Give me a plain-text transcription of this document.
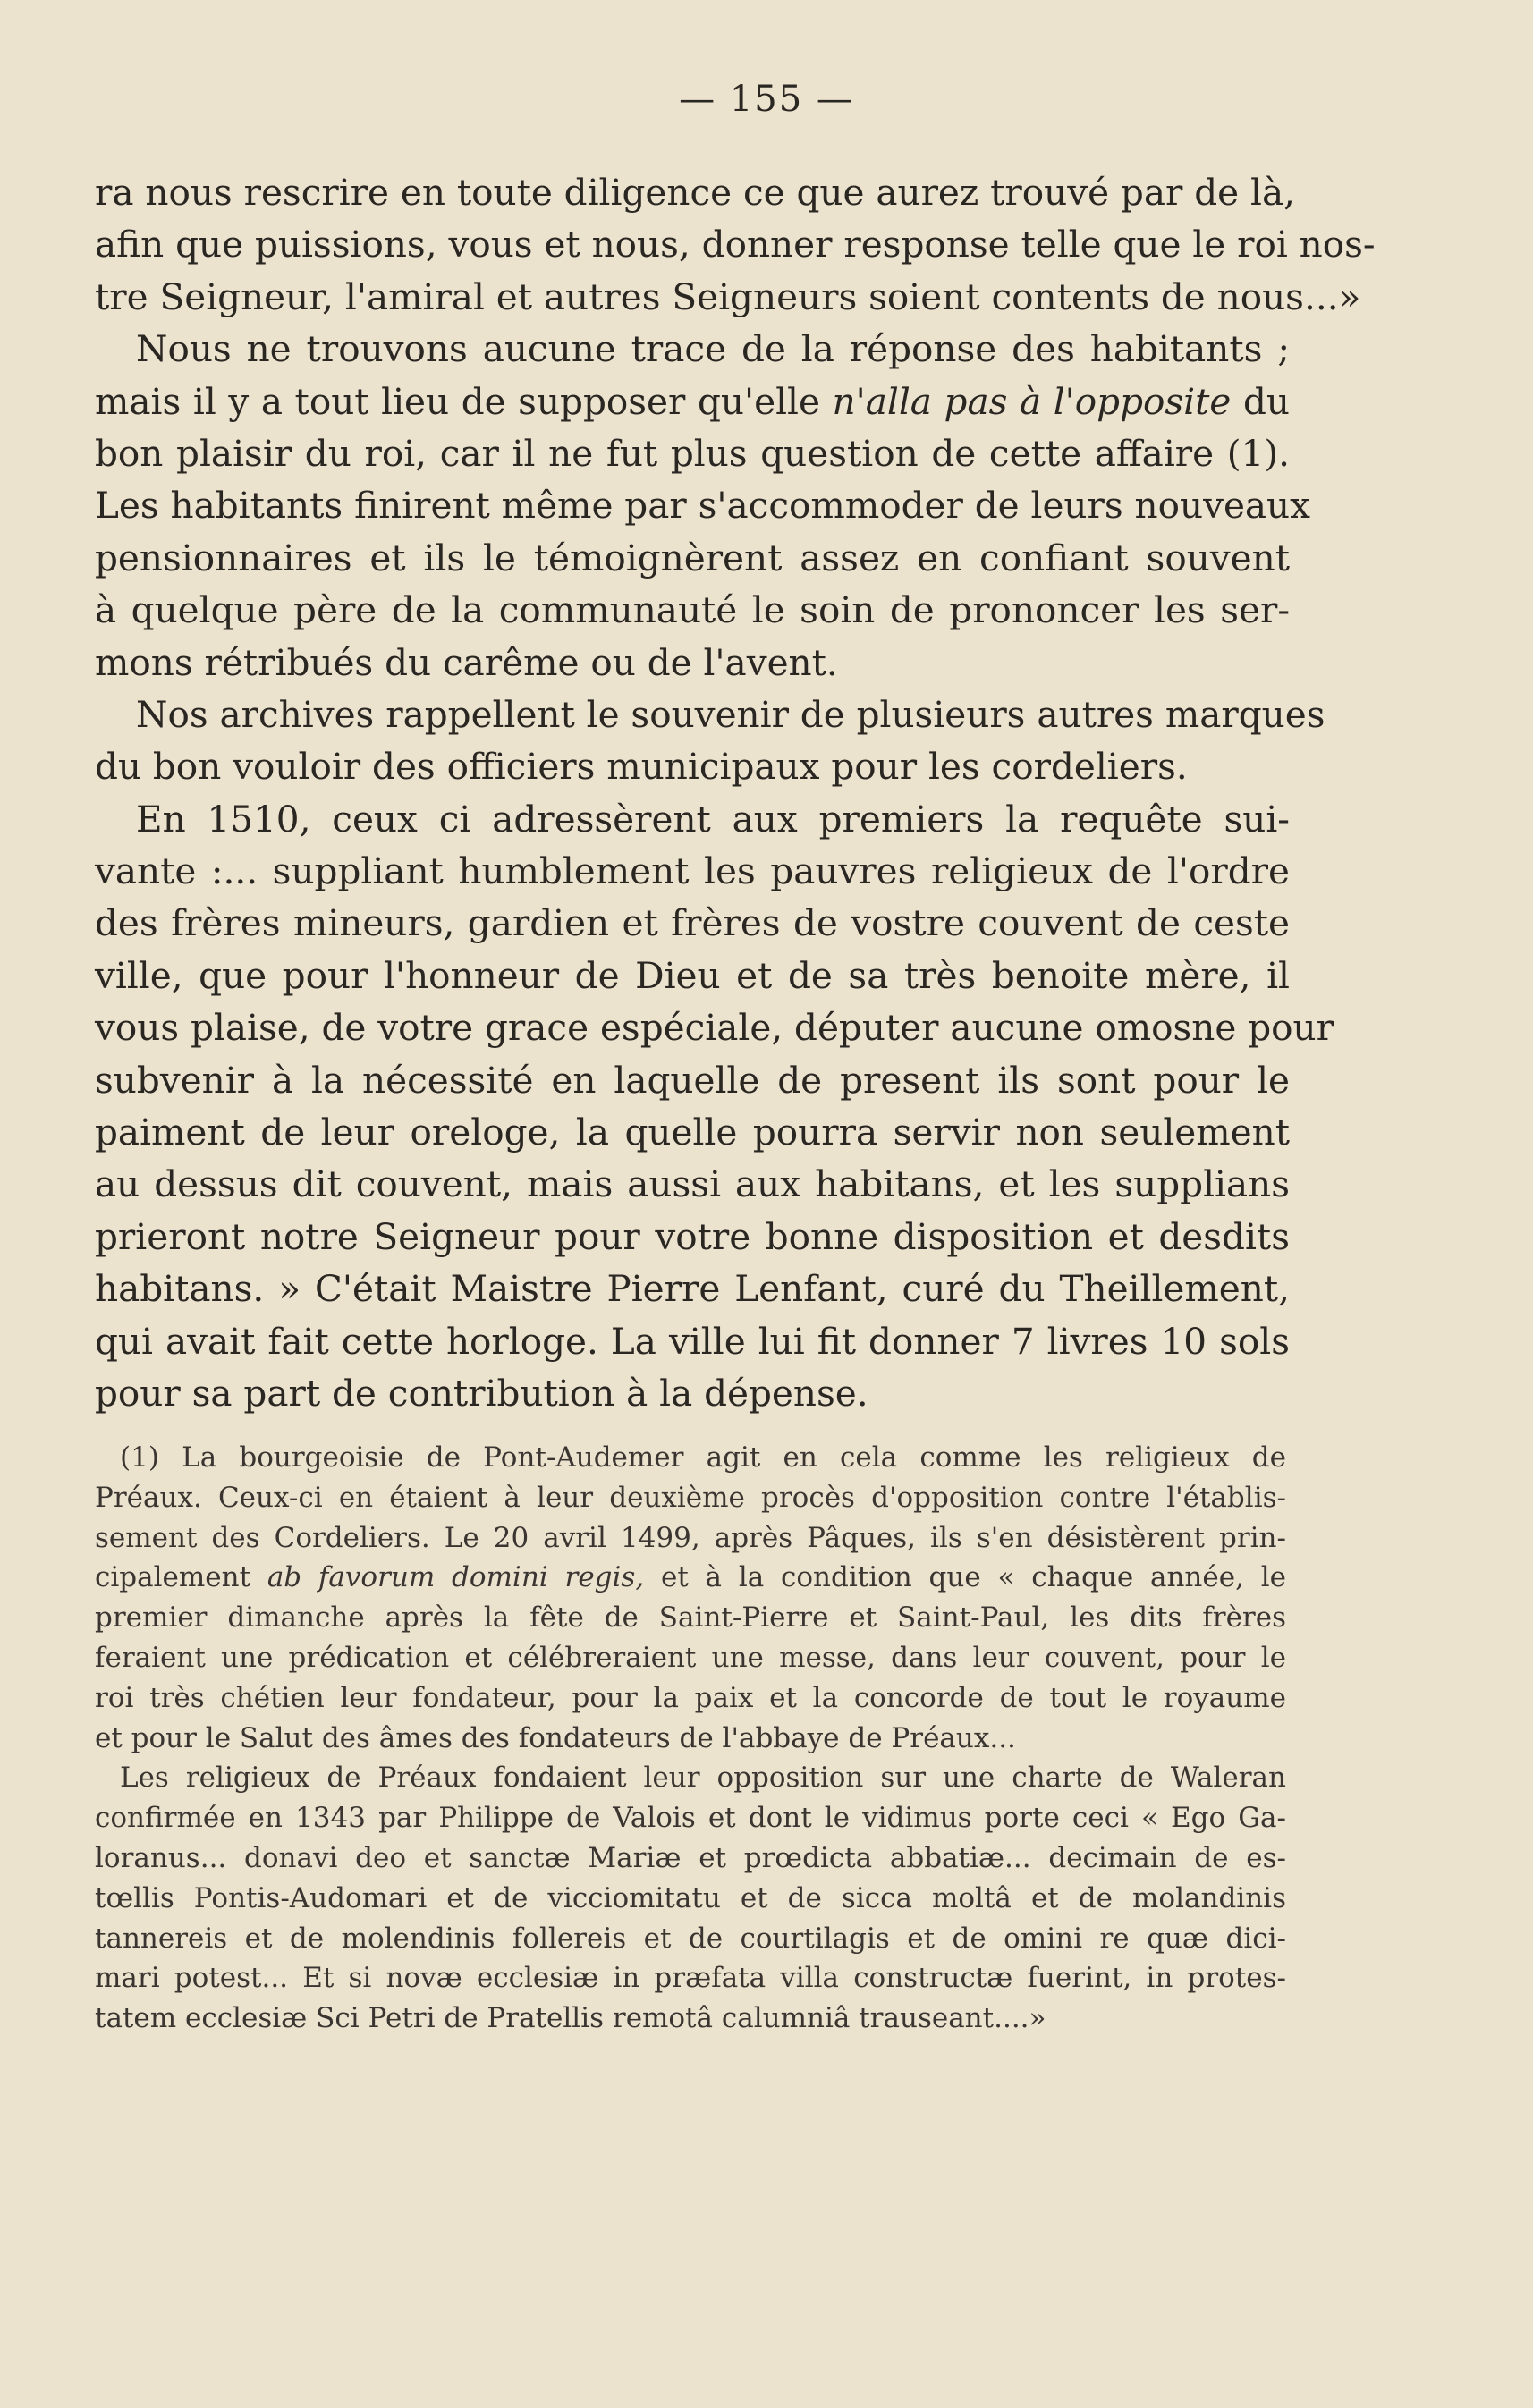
— 155 —
ra nous rescrire en toute diligence ce que aurez trouvé par de là,
afin que puissions, vous et nous, donner response telle que le roi nos-
tre Seigneur, l'amiral et autres Seigneurs soient contents de nous...»
Nous ne trouvons aucune trace de la réponse des habitants ;
mais il y a tout lieu de supposer qu'elle n'alla pas à l'opposite du
bon plaisir du roi, car il ne fut plus question de cette affaire (1).
Les habitants finirent même par s'accommoder de leurs nouveaux
pensionnaires et ils le témoignèrent assez en confiant souvent
à quelque père de la communauté le soin de prononcer les ser-
mons rétribués du carême ou de l'avent.
Nos archives rappellent le souvenir de plusieurs autres marques
du bon vouloir des officiers municipaux pour les cordeliers.
En 1510, ceux ci adressèrent aux premiers la requête sui-
vante :... suppliant humblement les pauvres religieux de l'ordre
des frères mineurs, gardien et frères de vostre couvent de ceste
ville, que pour l'honneur de Dieu et de sa très benoite mère, il
vous plaise, de votre grace espéciale, députer aucune omosne pour
subvenir à la nécessité en laquelle de present ils sont pour le
paiment de leur oreloge, la quelle pourra servir non seulement
au dessus dit couvent, mais aussi aux habitans, et les supplians
prieront notre Seigneur pour votre bonne disposition et desdits
habitans. » C'était Maistre Pierre Lenfant, curé du Theillement,
qui avait fait cette horloge. La ville lui fit donner 7 livres 10 sols
pour sa part de contribution à la dépense.
(1) La bourgeoisie de Pont-Audemer agit en cela comme les religieux de
Préaux. Ceux-ci en étaient à leur deuxième procès d'opposition contre l'établis-
sement des Cordeliers. Le 20 avril 1499, après Pâques, ils s'en désistèrent prin-
cipalement ab favorum domini regis, et à la condition que « chaque année, le
premier dimanche après la fête de Saint-Pierre et Saint-Paul, les dits frères
feraient une prédication et célébreraient une messe, dans leur couvent, pour le
roi très chétien leur fondateur, pour la paix et la concorde de tout le royaume
et pour le Salut des âmes des fondateurs de l'abbaye de Préaux...
Les religieux de Préaux fondaient leur opposition sur une charte de Waleran
confirmée en 1343 par Philippe de Valois et dont le vidimus porte ceci « Ego Ga-
loranus... donavi deo et sanctæ Mariæ et prœdicta abbatiæ... decimain de es-
tœllis Pontis-Audomari et de vicciomitatu et de sicca moltâ et de molandinis
tannereis et de molendinis follereis et de courtilagis et de omini re quæ dici-
mari potest... Et si novæ ecclesiæ in præfata villa constructæ fuerint, in protes-
tatem ecclesiæ Sci Petri de Pratellis remotâ calumniâ trauseant....»
